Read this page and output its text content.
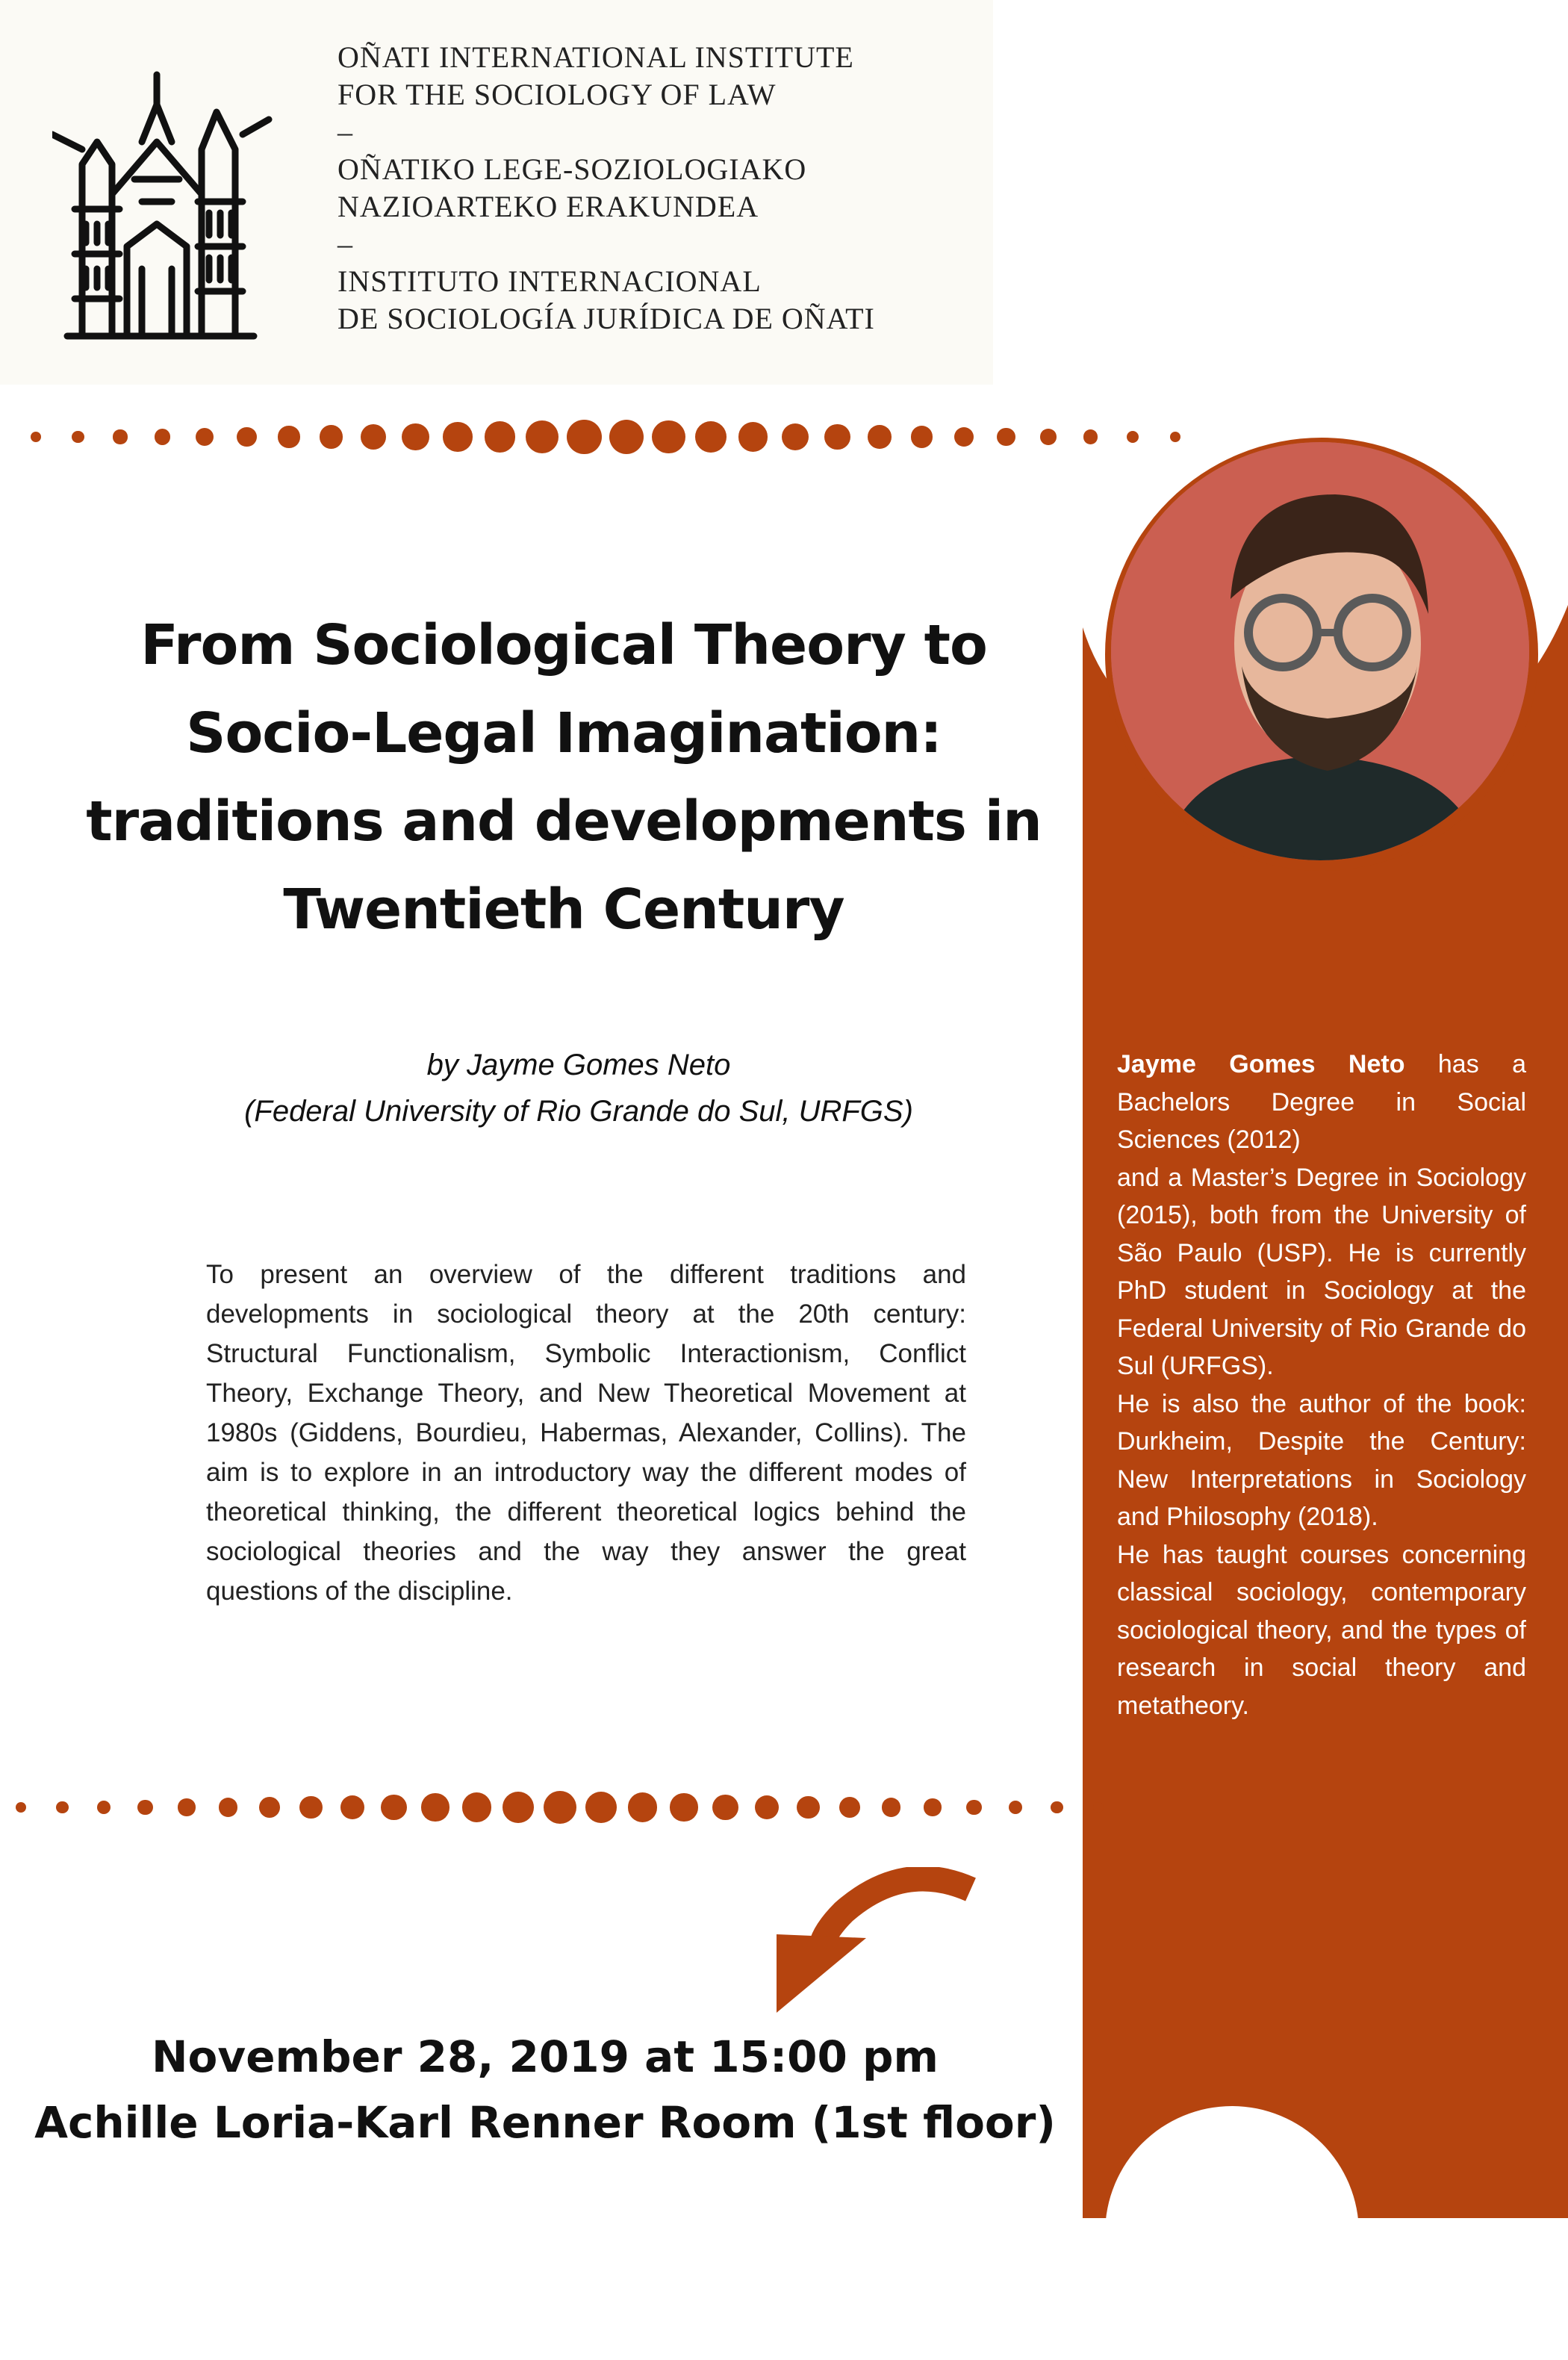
OÑATI INTERNATIONAL INSTITUTE
FOR THE SOCIOLOGY OF LAW
–
OÑATIKO LEGE-SOZIOLOGIAKO
NAZIOARTEKO ERAKUNDEA
–
INSTITUTO INTERNACIONAL
DE SOCIOLOGÍA JURÍDICA DE OÑATI
From Sociological Theory to
Socio-Legal Imagination:
traditions and developments in
Twentieth Century
by Jayme Gomes Neto
(Federal University of Rio Grande do Sul, URFGS)
To present an overview of the different traditions and developments in sociological theory at the 20th century: Structural Functionalism, Symbolic Interactionism, Conflict Theory, Exchange Theory, and New Theoretical Movement at 1980s (Giddens, Bourdieu, Habermas, Alexander, Collins). The aim is to explore in an introductory way the different modes of theoretical thinking, the different theoretical logics behind the sociological theories and the way they answer the great questions of the discipline.
Jayme Gomes Neto has a Bachelors Degree in Social Sciences (2012)
and a Master’s Degree in Sociology (2015), both from the University of São Paulo (USP). He is currently PhD student in Sociology at the Federal University of Rio Grande do Sul (URFGS).
He is also the author of the book: Durkheim, Despite the Century: New Interpretations in Sociology and Philosophy (2018).
He has taught courses concerning classical sociology, contemporary sociological theory, and the types of research in social theory and metatheory.
November 28, 2019 at 15:00 pm
Achille Loria-Karl Renner Room (1st floor)
